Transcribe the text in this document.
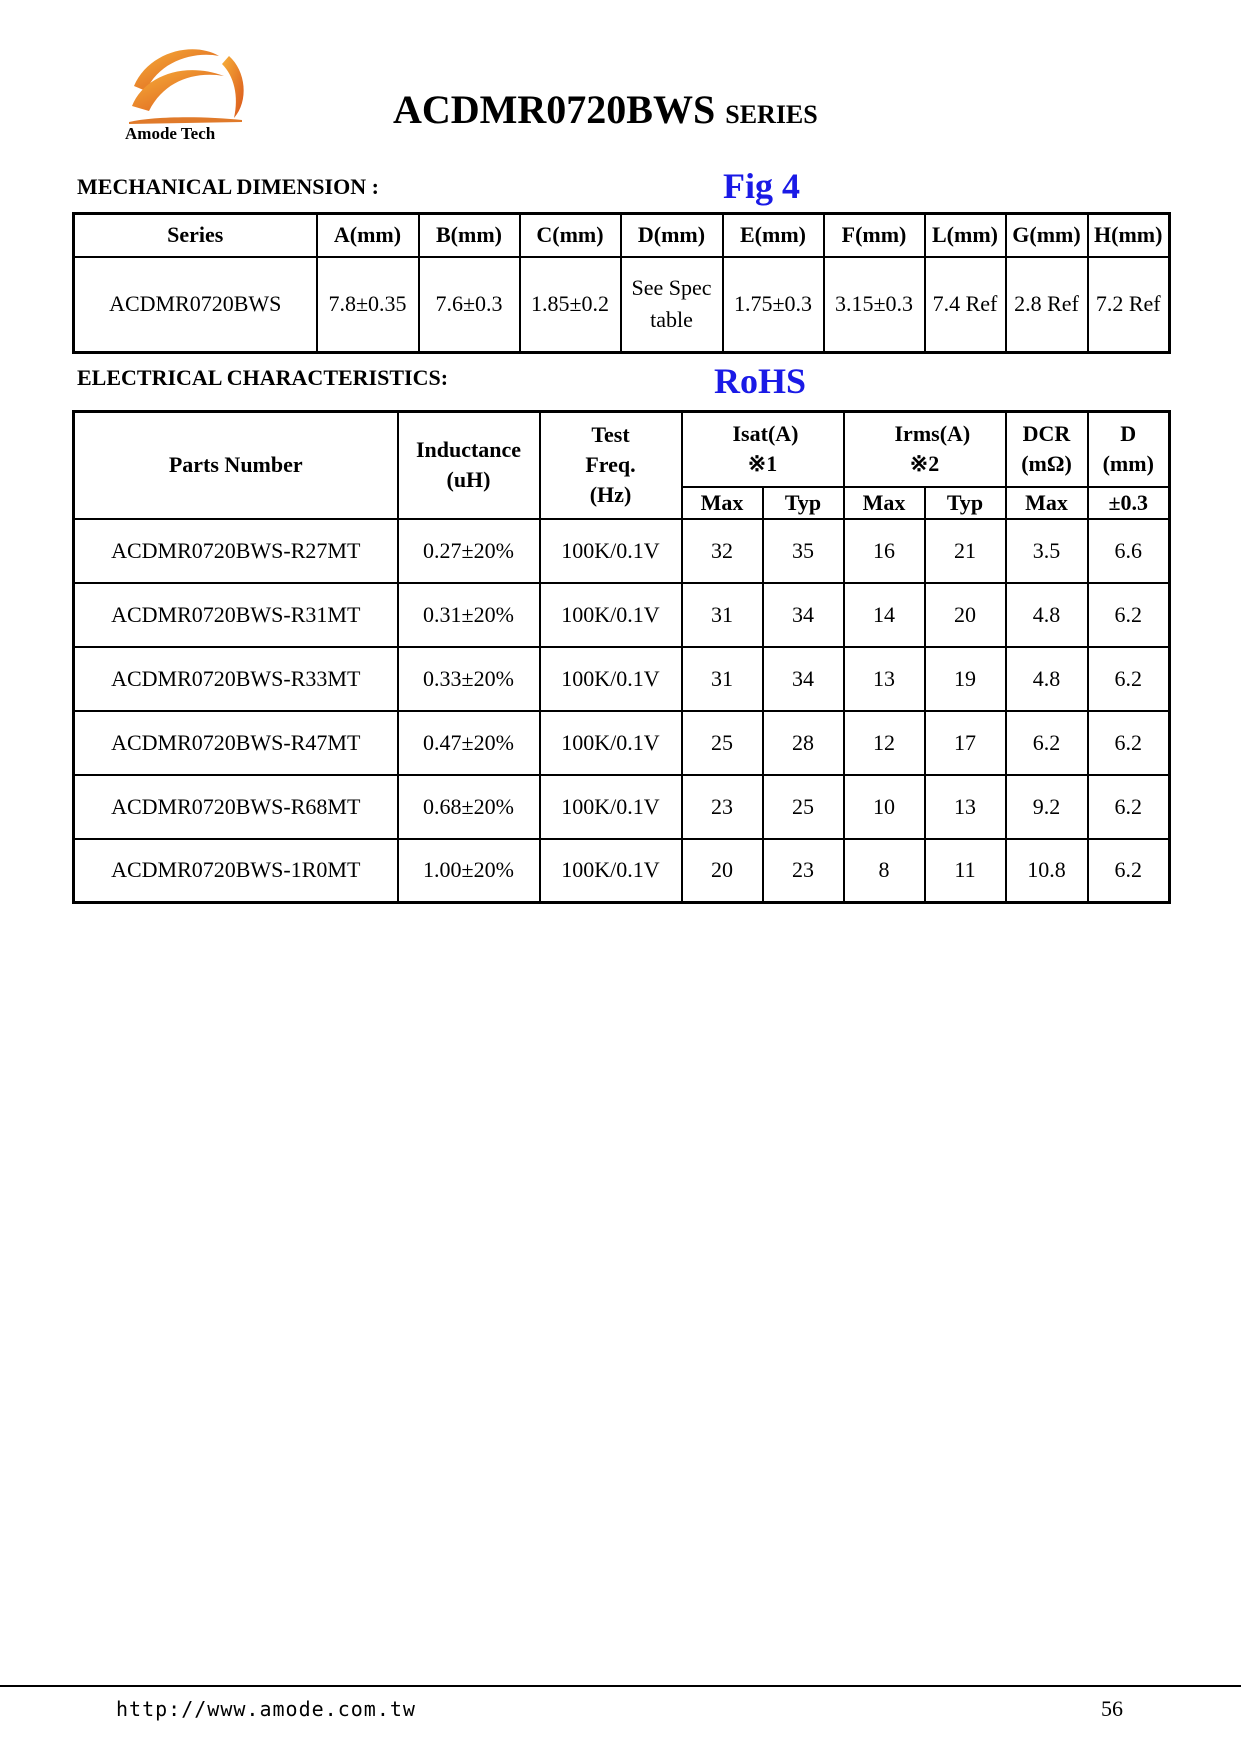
Amode Tech
ACDMR0720BWS SERIES
MECHANICAL DIMENSION :	Fig 4
Series	A(mm)	B(mm)	C(mm)	D(mm)	E(mm)	F(mm)	L(mm)	G(mm)	H(mm)
ACDMR0720BWS	7.8±0.35	7.6±0.3	1.85±0.2	See Spec table	1.75±0.3	3.15±0.3	7.4 Ref	2.8 Ref	7.2 Ref
ELECTRICAL CHARACTERISTICS:	RoHS
Parts Number	Inductance (uH)	Test Freq. (Hz)	Isat(A) ※1		Irms(A) ※2		DCR (mΩ)	D (mm)
			Max	Typ	Max	Typ	Max	±0.3
ACDMR0720BWS-R27MT	0.27±20%	100K/0.1V	32	35	16	21	3.5	6.6
ACDMR0720BWS-R31MT	0.31±20%	100K/0.1V	31	34	14	20	4.8	6.2
ACDMR0720BWS-R33MT	0.33±20%	100K/0.1V	31	34	13	19	4.8	6.2
ACDMR0720BWS-R47MT	0.47±20%	100K/0.1V	25	28	12	17	6.2	6.2
ACDMR0720BWS-R68MT	0.68±20%	100K/0.1V	23	25	10	13	9.2	6.2
ACDMR0720BWS-1R0MT	1.00±20%	100K/0.1V	20	23	8	11	10.8	6.2
http://www.amode.com.tw	56
